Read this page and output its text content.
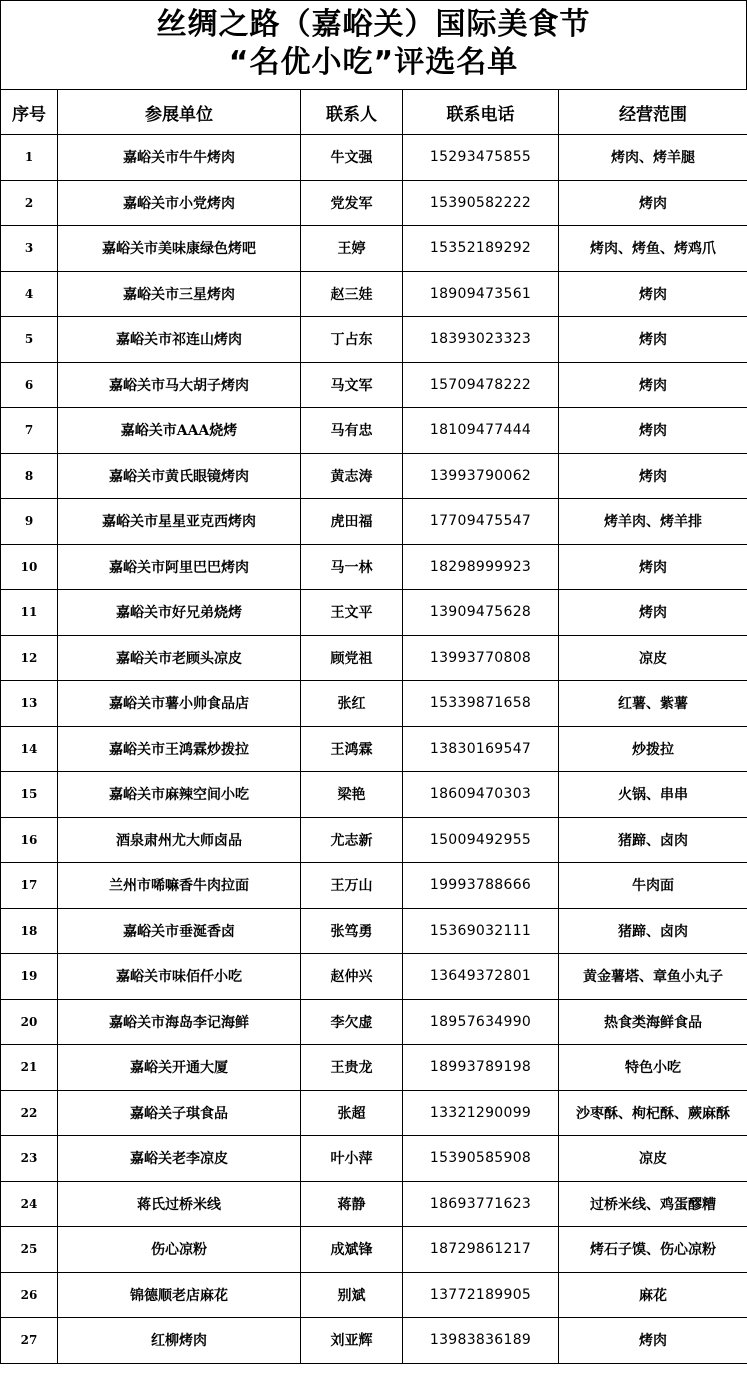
丝绸之路（嘉峪关）国际美食节
“名优小吃”评选名单
序号	参展单位	联系人	联系电话	经营范围
1	嘉峪关市牛牛烤肉	牛文强	15293475855	烤肉、烤羊腿
2	嘉峪关市小党烤肉	党发军	15390582222	烤肉
3	嘉峪关市美味康绿色烤吧	王婷	15352189292	烤肉、烤鱼、烤鸡爪
4	嘉峪关市三星烤肉	赵三娃	18909473561	烤肉
5	嘉峪关市祁连山烤肉	丁占东	18393023323	烤肉
6	嘉峪关市马大胡子烤肉	马文军	15709478222	烤肉
7	嘉峪关市AAA烧烤	马有忠	18109477444	烤肉
8	嘉峪关市黄氏眼镜烤肉	黄志涛	13993790062	烤肉
9	嘉峪关市星星亚克西烤肉	虎田福	17709475547	烤羊肉、烤羊排
10	嘉峪关市阿里巴巴烤肉	马一林	18298999923	烤肉
11	嘉峪关市好兄弟烧烤	王文平	13909475628	烤肉
12	嘉峪关市老顾头凉皮	顾党祖	13993770808	凉皮
13	嘉峪关市薯小帅食品店	张红	15339871658	红薯、紫薯
14	嘉峪关市王鸿霖炒拨拉	王鸿霖	13830169547	炒拨拉
15	嘉峪关市麻辣空间小吃	梁艳	18609470303	火锅、串串
16	酒泉肃州尤大师卤品	尤志新	15009492955	猪蹄、卤肉
17	兰州市唏嘛香牛肉拉面	王万山	19993788666	牛肉面
18	嘉峪关市垂涎香卤	张笃勇	15369032111	猪蹄、卤肉
19	嘉峪关市味佰仟小吃	赵仲兴	13649372801	黄金薯塔、章鱼小丸子
20	嘉峪关市海岛李记海鲜	李欠虚	18957634990	热食类海鲜食品
21	嘉峪关开通大厦	王贵龙	18993789198	特色小吃
22	嘉峪关子琪食品	张超	13321290099	沙枣酥、枸杞酥、蕨麻酥
23	嘉峪关老李凉皮	叶小萍	15390585908	凉皮
24	蒋氏过桥米线	蒋静	18693771623	过桥米线、鸡蛋醪糟
25	伤心凉粉	成斌锋	18729861217	烤石子馍、伤心凉粉
26	锦德顺老店麻花	别斌	13772189905	麻花
27	红柳烤肉	刘亚辉	13983836189	烤肉
